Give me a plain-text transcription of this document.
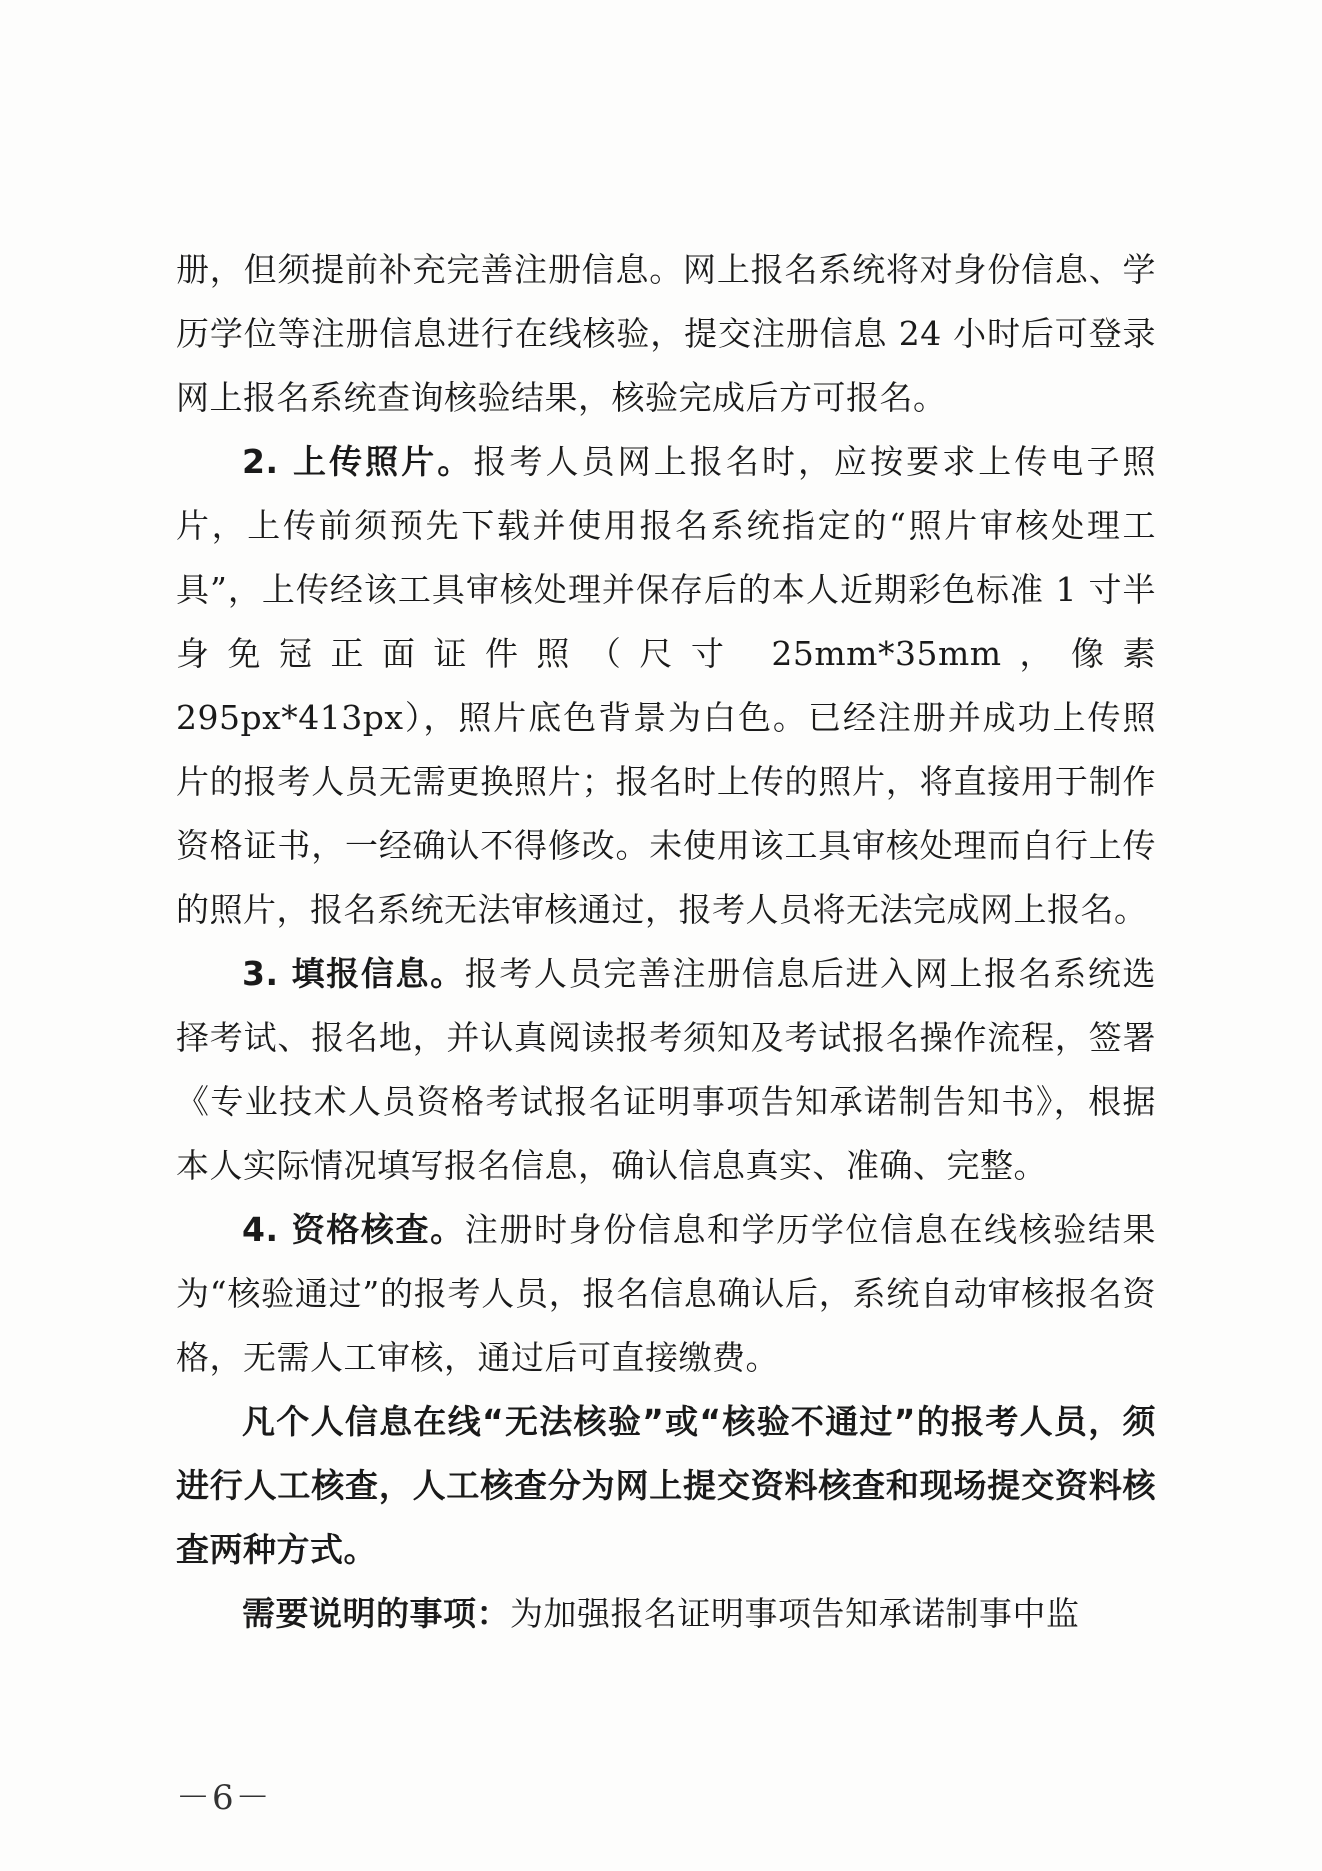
册，但须提前补充完善注册信息。网上报名系统将对身份信息、学历学位等注册信息进行在线核验，提交注册信息 24 小时后可登录网上报名系统查询核验结果，核验完成后方可报名。

2. 上传照片。报考人员网上报名时，应按要求上传电子照片，上传前须预先下载并使用报名系统指定的“照片审核处理工具”，上传经该工具审核处理并保存后的本人近期彩色标准 1 寸半身免冠正面证件照（尺寸 25mm*35mm，像素 295px*413px），照片底色背景为白色。已经注册并成功上传照片的报考人员无需更换照片；报名时上传的照片，将直接用于制作资格证书，一经确认不得修改。未使用该工具审核处理而自行上传的照片，报名系统无法审核通过，报考人员将无法完成网上报名。

3. 填报信息。报考人员完善注册信息后进入网上报名系统选择考试、报名地，并认真阅读报考须知及考试报名操作流程，签署《专业技术人员资格考试报名证明事项告知承诺制告知书》，根据本人实际情况填写报名信息，确认信息真实、准确、完整。

4. 资格核查。注册时身份信息和学历学位信息在线核验结果为“核验通过”的报考人员，报名信息确认后，系统自动审核报名资格，无需人工审核，通过后可直接缴费。

凡个人信息在线“无法核验”或“核验不通过”的报考人员，须进行人工核查，人工核查分为网上提交资料核查和现场提交资料核查两种方式。

需要说明的事项：为加强报名证明事项告知承诺制事中监

－6－
